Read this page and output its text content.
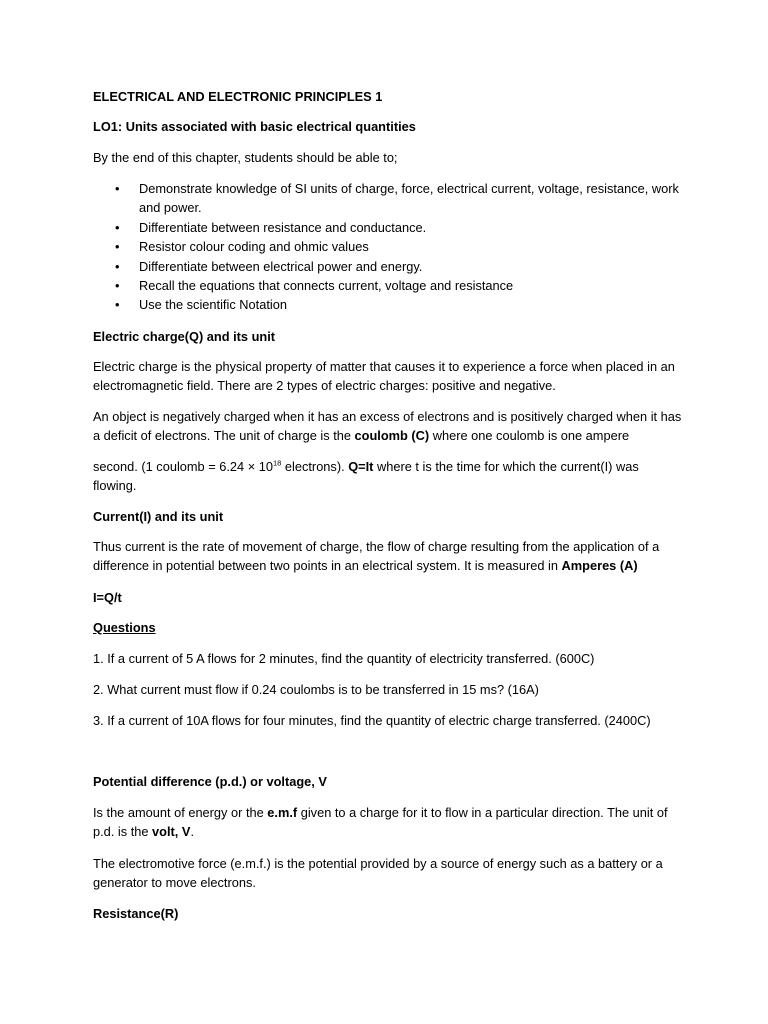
ELECTRICAL AND ELECTRONIC PRINCIPLES 1

LO1: Units associated with basic electrical quantities

By the end of this chapter, students should be able to;

• Demonstrate knowledge of SI units of charge, force, electrical current, voltage, resistance, work and power.
• Differentiate between resistance and conductance.
• Resistor colour coding and ohmic values
• Differentiate between electrical power and energy.
• Recall the equations that connects current, voltage and resistance
• Use the scientific Notation

Electric charge(Q) and its unit

Electric charge is the physical property of matter that causes it to experience a force when placed in an electromagnetic field. There are 2 types of electric charges: positive and negative.

An object is negatively charged when it has an excess of electrons and is positively charged when it has a deficit of electrons. The unit of charge is the coulomb (C) where one coulomb is one ampere

second. (1 coulomb = $6.24 \times 10^{18}$ electrons). Q=It where t is the time for which the current(I) was flowing.

Current(I) and its unit

Thus current is the rate of movement of charge, the flow of charge resulting from the application of a difference in potential between two points in an electrical system. It is measured in Amperes (A)

I=Q/t

Questions

1. If a current of 5 A flows for 2 minutes, find the quantity of electricity transferred. (600C)

2. What current must flow if 0.24 coulombs is to be transferred in 15 ms? (16A)

3. If a current of 10A flows for four minutes, find the quantity of electric charge transferred. (2400C)

Potential difference (p.d.) or voltage, V

Is the amount of energy or the e.m.f given to a charge for it to flow in a particular direction. The unit of p.d. is the volt, V.

The electromotive force (e.m.f.) is the potential provided by a source of energy such as a battery or a generator to move electrons.

Resistance(R)
